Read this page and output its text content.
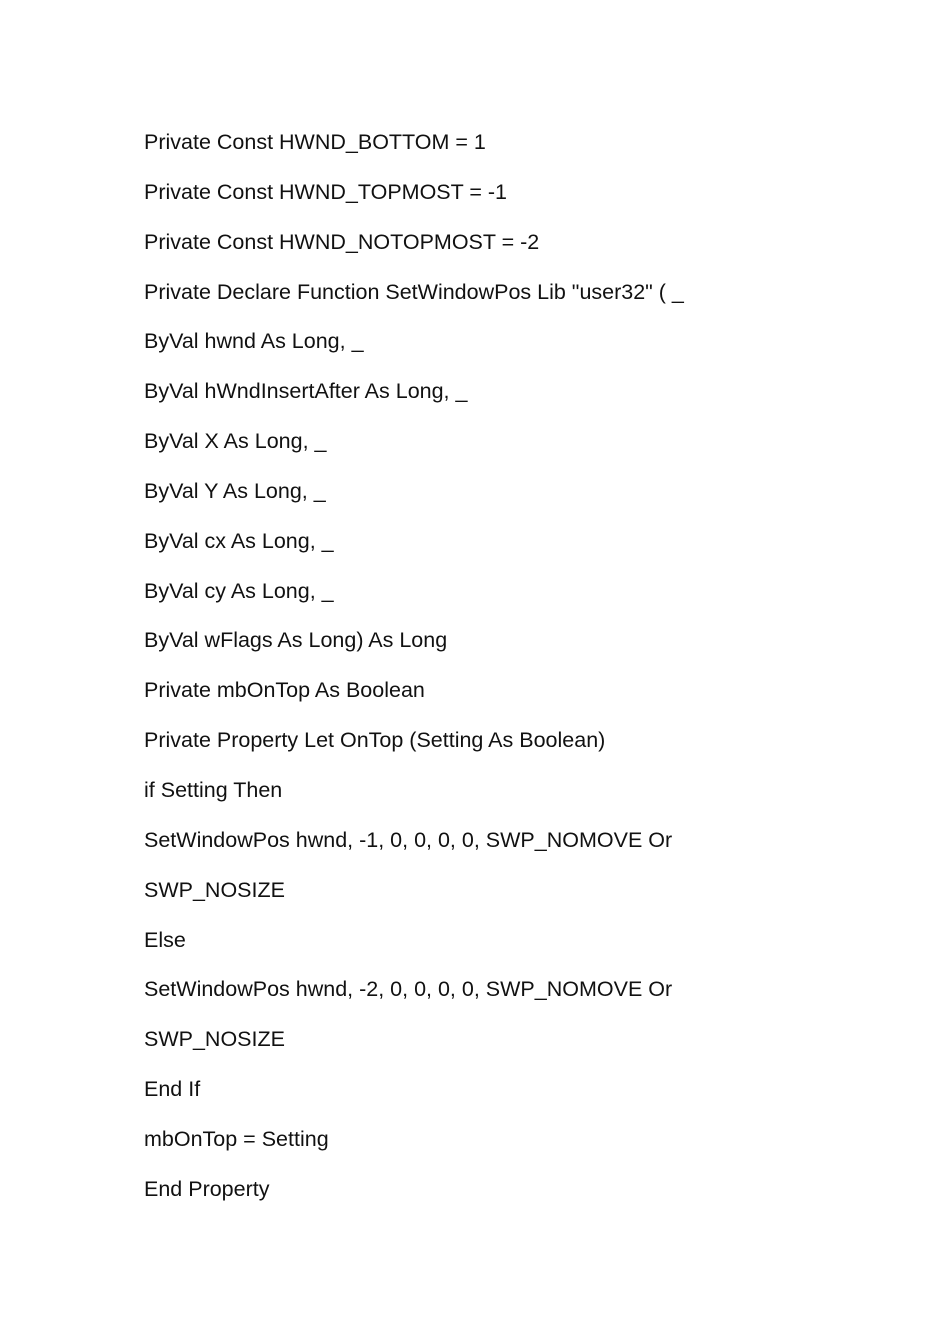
Private Const HWND_BOTTOM = 1
Private Const HWND_TOPMOST = -1
Private Const HWND_NOTOPMOST = -2
Private Declare Function SetWindowPos Lib "user32" ( _
ByVal hwnd As Long, _
ByVal hWndInsertAfter As Long, _
ByVal X As Long, _
ByVal Y As Long, _
ByVal cx As Long, _
ByVal cy As Long, _
ByVal wFlags As Long) As Long
Private mbOnTop As Boolean
Private Property Let OnTop (Setting As Boolean)
if Setting Then
SetWindowPos hwnd, -1, 0, 0, 0, 0, SWP_NOMOVE Or
SWP_NOSIZE
Else
SetWindowPos hwnd, -2, 0, 0, 0, 0, SWP_NOMOVE Or
SWP_NOSIZE
End If
mbOnTop = Setting
End Property
